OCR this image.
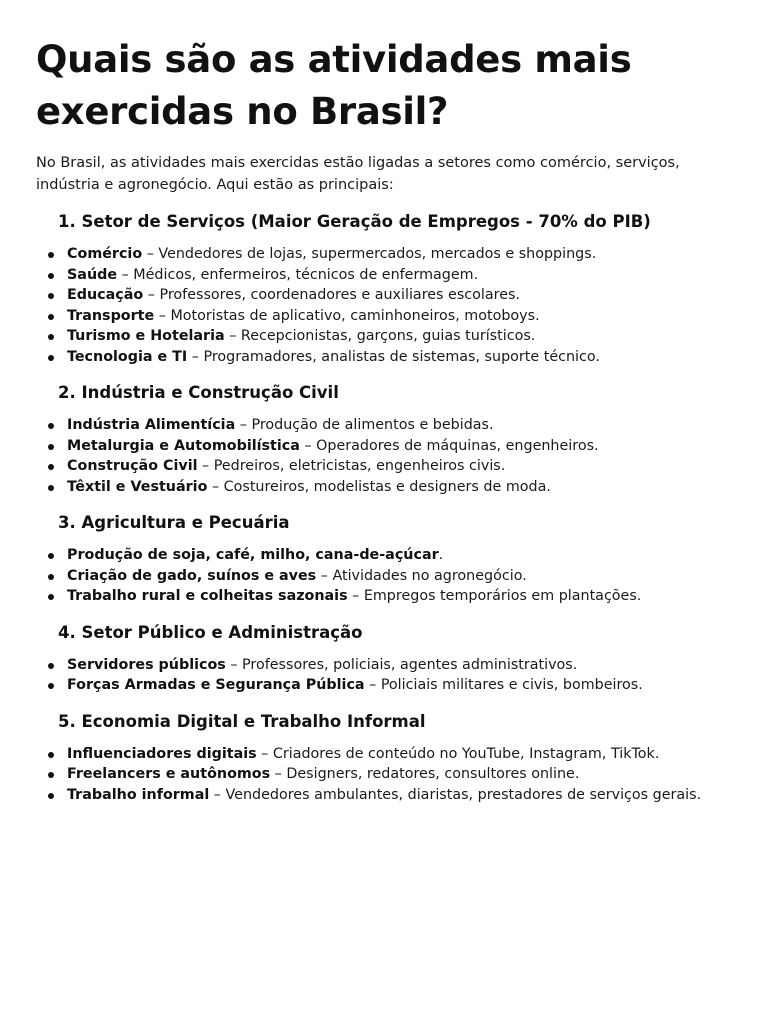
Quais são as atividades mais exercidas no Brasil?

No Brasil, as atividades mais exercidas estão ligadas a setores como comércio, serviços, indústria e agronegócio. Aqui estão as principais:

1. Setor de Serviços (Maior Geração de Empregos - 70% do PIB)
Comércio – Vendedores de lojas, supermercados, mercados e shoppings.
Saúde – Médicos, enfermeiros, técnicos de enfermagem.
Educação – Professores, coordenadores e auxiliares escolares.
Transporte – Motoristas de aplicativo, caminhoneiros, motoboys.
Turismo e Hotelaria – Recepcionistas, garçons, guias turísticos.
Tecnologia e TI – Programadores, analistas de sistemas, suporte técnico.
2. Indústria e Construção Civil
Indústria Alimentícia – Produção de alimentos e bebidas.
Metalurgia e Automobilística – Operadores de máquinas, engenheiros.
Construção Civil – Pedreiros, eletricistas, engenheiros civis.
Têxtil e Vestuário – Costureiros, modelistas e designers de moda.
3. Agricultura e Pecuária
Produção de soja, café, milho, cana-de-açúcar.
Criação de gado, suínos e aves – Atividades no agronegócio.
Trabalho rural e colheitas sazonais – Empregos temporários em plantações.
4. Setor Público e Administração
Servidores públicos – Professores, policiais, agentes administrativos.
Forças Armadas e Segurança Pública – Policiais militares e civis, bombeiros.
5. Economia Digital e Trabalho Informal
Influenciadores digitais – Criadores de conteúdo no YouTube, Instagram, TikTok.
Freelancers e autônomos – Designers, redatores, consultores online.
Trabalho informal – Vendedores ambulantes, diaristas, prestadores de serviços gerais.
